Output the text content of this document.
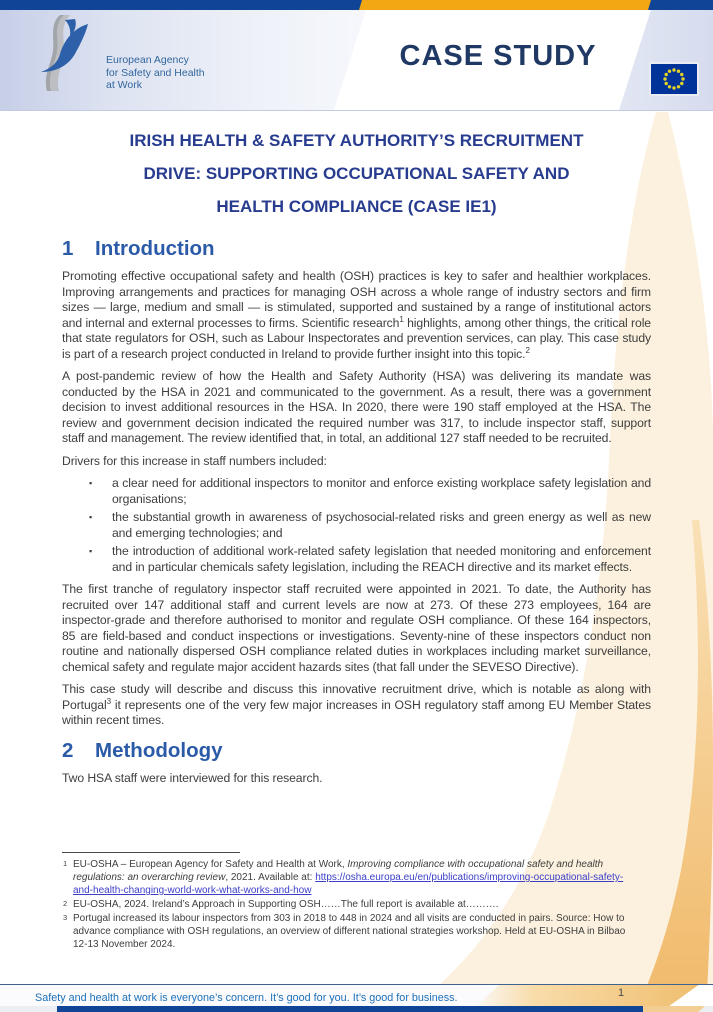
European Agency
for Safety and Health
at Work
CASE STUDY
IRISH HEALTH & SAFETY AUTHORITY’S RECRUITMENT
DRIVE: SUPPORTING OCCUPATIONAL SAFETY AND
HEALTH COMPLIANCE (CASE IE1)
1 Introduction

Promoting effective occupational safety and health (OSH) practices is key to safer and healthier workplaces. Improving arrangements and practices for managing OSH across a whole range of industry sectors and firm sizes — large, medium and small — is stimulated, supported and sustained by a range of institutional actors and internal and external processes to firms. Scientific research$^1$ highlights, among other things, the critical role that state regulators for OSH, such as Labour Inspectorates and prevention services, can play. This case study is part of a research project conducted in Ireland to provide further insight into this topic.$^2$

A post-pandemic review of how the Health and Safety Authority (HSA) was delivering its mandate was conducted by the HSA in 2021 and communicated to the government. As a result, there was a government decision to invest additional resources in the HSA. In 2020, there were 190 staff employed at the HSA. The review and government decision indicated the required number was 317, to include inspector staff, support staff and management. The review identified that, in total, an additional 127 staff needed to be recruited.

Drivers for this increase in staff numbers included:

▪ a clear need for additional inspectors to monitor and enforce existing workplace safety legislation and organisations;
▪ the substantial growth in awareness of psychosocial-related risks and green energy as well as new and emerging technologies; and
▪ the introduction of additional work-related safety legislation that needed monitoring and enforcement and in particular chemicals safety legislation, including the REACH directive and its market effects.

The first tranche of regulatory inspector staff recruited were appointed in 2021. To date, the Authority has recruited over 147 additional staff and current levels are now at 273. Of these 273 employees, 164 are inspector-grade and therefore authorised to monitor and regulate OSH compliance. Of these 164 inspectors, 85 are field-based and conduct inspections or investigations. Seventy-nine of these inspectors conduct non routine and nationally dispersed OSH compliance related duties in workplaces including market surveillance, chemical safety and regulate major accident hazards sites (that fall under the SEVESO Directive).

This case study will describe and discuss this innovative recruitment drive, which is notable as along with Portugal$^3$ it represents one of the very few major increases in OSH regulatory staff among EU Member States within recent times.

2 Methodology

Two HSA staff were interviewed for this research.

1 EU-OSHA – European Agency for Safety and Health at Work, Improving compliance with occupational safety and health regulations: an overarching review, 2021. Available at: https://osha.europa.eu/en/publications/improving-occupational-safety-and-health-changing-world-work-what-works-and-how
2 EU-OSHA, 2024. Ireland’s Approach in Supporting OSH……The full report is available at……….
3 Portugal increased its labour inspectors from 303 in 2018 to 448 in 2024 and all visits are conducted in pairs. Source: How to advance compliance with OSH regulations, an overview of different national strategies workshop. Held at EU-OSHA in Bilbao 12-13 November 2024.
Safety and health at work is everyone’s concern. It’s good for you. It’s good for business.	1
